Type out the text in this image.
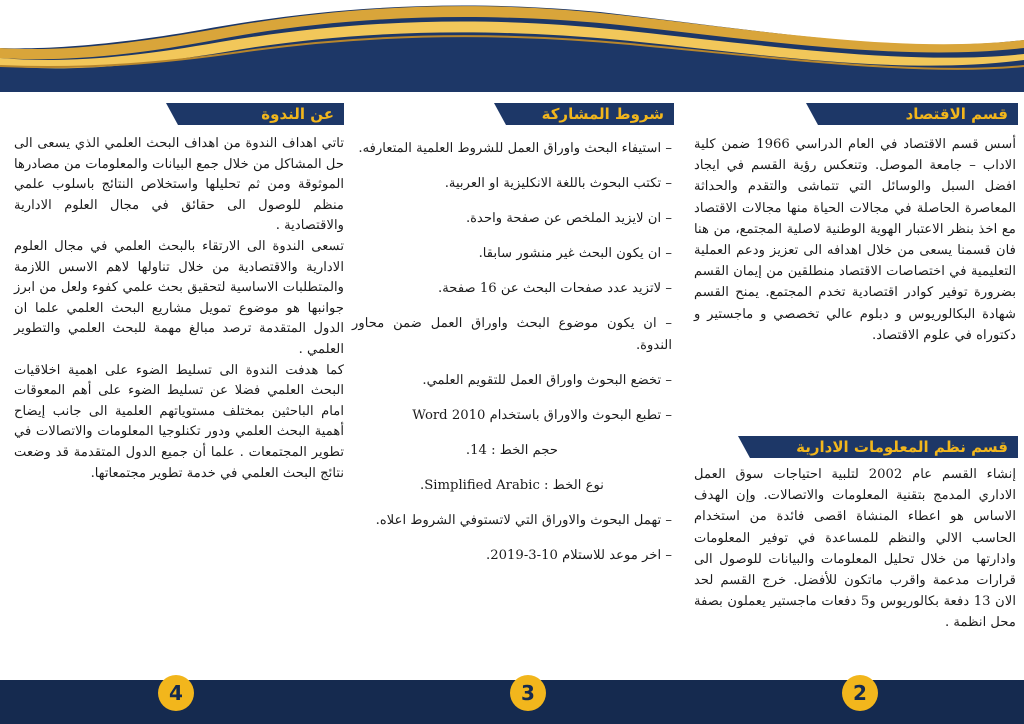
قسم الاقتصاد
أسس قسم الاقتصاد في العام الدراسي 1966 ضمن كلية الاداب – جامعة الموصل. وتنعكس رؤية القسم في ايجاد افضل السبل والوسائل التي تتماشى والتقدم والحداثة المعاصرة الحاصلة في مجالات الحياة منها مجالات الاقتصاد مع اخذ بنظر الاعتبار الهوية الوطنية لاصلية المجتمع، من هنا فان قسمنا يسعى من خلال اهدافه الى تعزيز ودعم العملية التعليمية في اختصاصات الاقتصاد منطلقين من إيمان القسم بضرورة توفير كوادر اقتصادية تخدم المجتمع. يمنح القسم شهادة البكالوريوس و دبلوم عالي تخصصي و ماجستير و دكتوراه في علوم الاقتصاد.
قسم نظم المعلومات الادارية
إنشاء القسم عام 2002 لتلبية احتياجات سوق العمل الاداري المدمج بتقنية المعلومات والاتصالات. وإن الهدف الاساس هو اعطاء المنشاة اقصى فائدة من استخدام الحاسب الالي والنظم للمساعدة في توفير المعلومات وادارتها من خلال تحليل المعلومات والبيانات للوصول الى قرارات مدعمة واقرب ماتكون للأفضل. خرج القسم لحد الان 13 دفعة بكالوريوس و5 دفعات ماجستير يعملون بصفة محل انظمة .
شروط المشاركة
– استيفاء البحث واوراق العمل للشروط العلمية المتعارفه.
– تكتب البحوث باللغة الانكليزية او العربية.
– ان لايزيد الملخص عن صفحة واحدة.
– ان يكون البحث غير منشور سابقا.
– لاتزيد عدد صفحات البحث عن 16 صفحة.
– ان يكون موضوع البحث واوراق العمل ضمن محاور الندوة.
– تخضع البحوث واوراق العمل للتقويم العلمي.
– تطبع البحوث والاوراق باستخدام Word 2010
حجم الخط : 14.
نوع الخط : Simplified Arabic.
– تهمل البحوث والاوراق التي لاتستوفي الشروط اعلاه.
– اخر موعد للاستلام 10-3-2019.
عن الندوة
تاتي اهداف الندوة من اهداف البحث العلمي الذي يسعى الى حل المشاكل من خلال جمع البيانات والمعلومات من مصادرها الموثوقة ومن ثم تحليلها واستخلاص النتائج باسلوب علمي منظم للوصول الى حقائق في مجال العلوم الادارية والاقتصادية .
تسعى الندوة الى الارتقاء بالبحث العلمي في مجال العلوم الادارية والاقتصادية من خلال تناولها لاهم الاسس اللازمة والمتطلبات الاساسية لتحقيق بحث علمي كفوء ولعل من ابرز جوانبها هو موضوع تمويل مشاريع البحث العلمي علما ان الدول المتقدمة ترصد مبالغ مهمة للبحث العلمي والتطوير العلمي .
كما هدفت الندوة الى تسليط الضوء على اهمية اخلاقيات البحث العلمي فضلا عن تسليط الضوء على أهم المعوقات امام الباحثين بمختلف مستوياتهم العلمية الى جانب إيضاح أهمية البحث العلمي ودور تكنلوجيا المعلومات والاتصالات في تطوير المجتمعات . علما أن جميع الدول المتقدمة قد وضعت نتائج البحث العلمي في خدمة تطوير مجتمعاتها.
4	3	2
